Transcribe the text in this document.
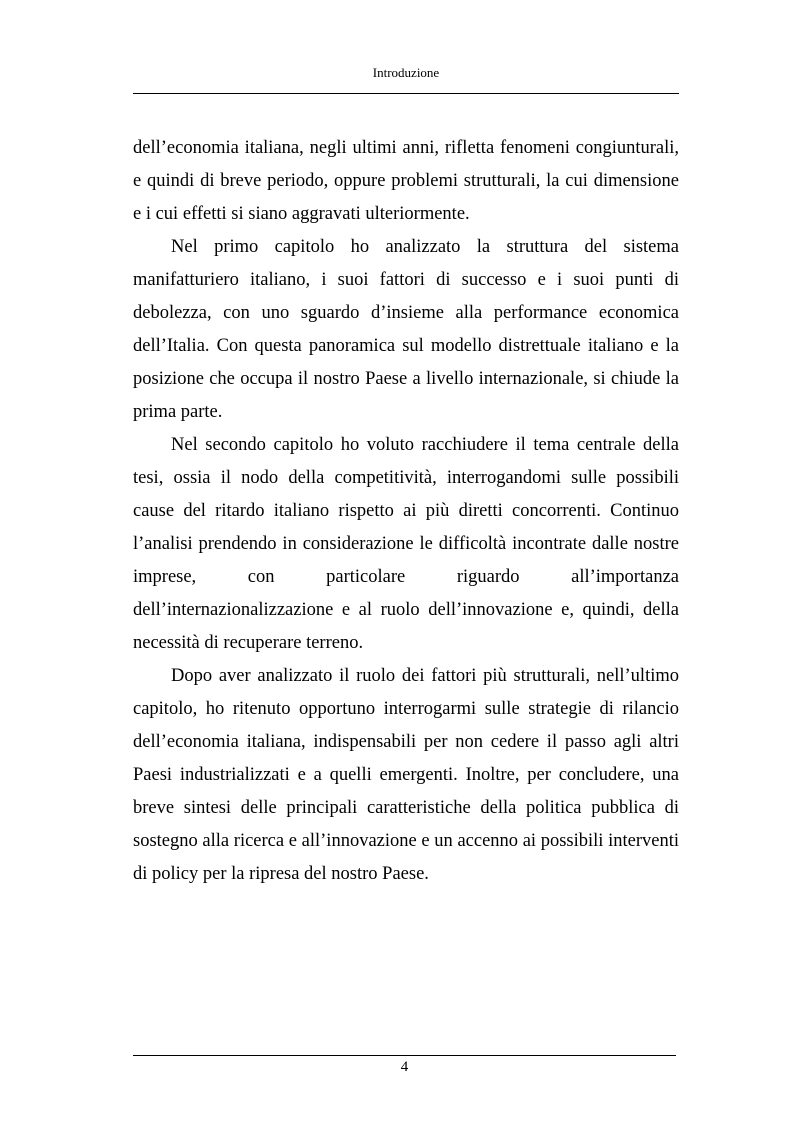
Introduzione

dell’economia italiana, negli ultimi anni, rifletta fenomeni congiunturali, e quindi di breve periodo, oppure problemi strutturali, la cui dimensione e i cui effetti si siano aggravati ulteriormente.

Nel primo capitolo ho analizzato la struttura del sistema manifatturiero italiano, i suoi fattori di successo e i suoi punti di debolezza, con uno sguardo d’insieme alla performance economica dell’Italia. Con questa panoramica sul modello distrettuale italiano e la posizione che occupa il nostro Paese a livello internazionale, si chiude la prima parte.

Nel secondo capitolo ho voluto racchiudere il tema centrale della tesi, ossia il nodo della competitività, interrogandomi sulle possibili cause del ritardo italiano rispetto ai più diretti concorrenti. Continuo l’analisi prendendo in considerazione le difficoltà incontrate dalle nostre imprese, con particolare riguardo all’importanza dell’internazionalizzazione e al ruolo dell’innovazione e, quindi, della necessità di recuperare terreno.

Dopo aver analizzato il ruolo dei fattori più strutturali, nell’ultimo capitolo, ho ritenuto opportuno interrogarmi sulle strategie di rilancio dell’economia italiana, indispensabili per non cedere il passo agli altri Paesi industrializzati e a quelli emergenti. Inoltre, per concludere, una breve sintesi delle principali caratteristiche della politica pubblica di sostegno alla ricerca e all’innovazione e un accenno ai possibili interventi di policy per la ripresa del nostro Paese.

4
